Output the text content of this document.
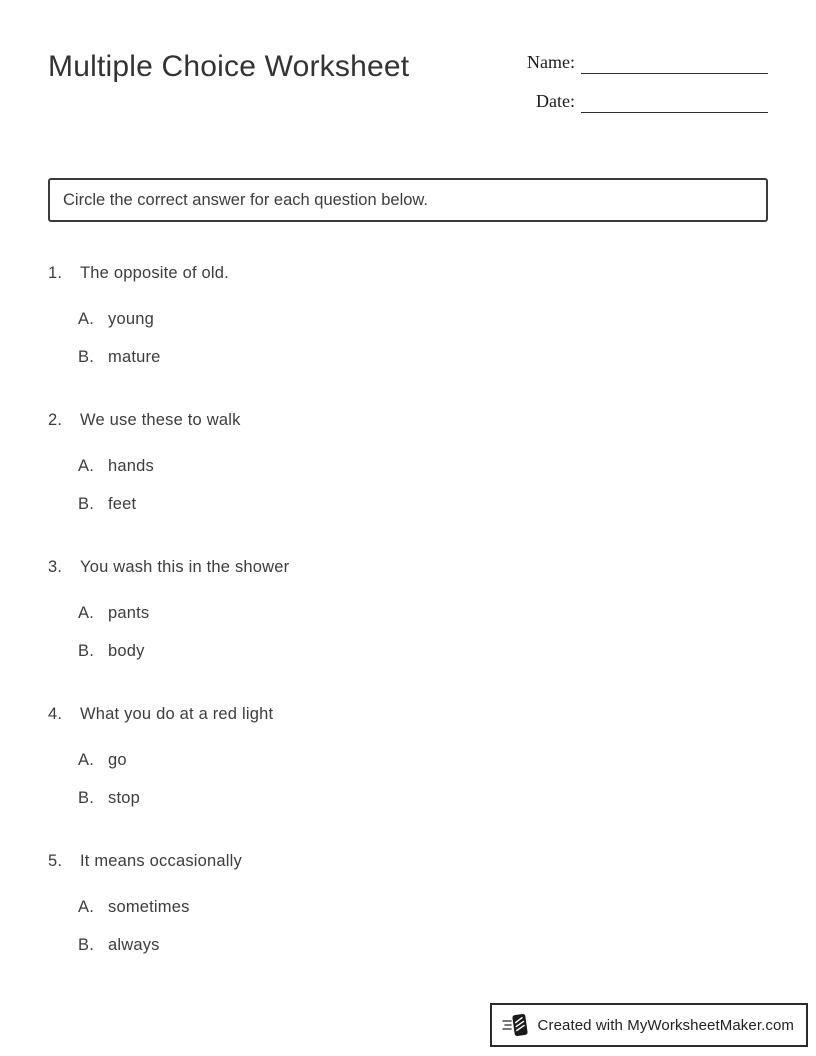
Multiple Choice Worksheet	Name:
Date:
Circle the correct answer for each question below.
1.	The opposite of old.
A. young
B. mature
2.	We use these to walk
A. hands
B. feet
3.	You wash this in the shower
A. pants
B. body
4.	What you do at a red light
A. go
B. stop
5.	It means occasionally
A. sometimes
B. always
Created with MyWorksheetMaker.com
